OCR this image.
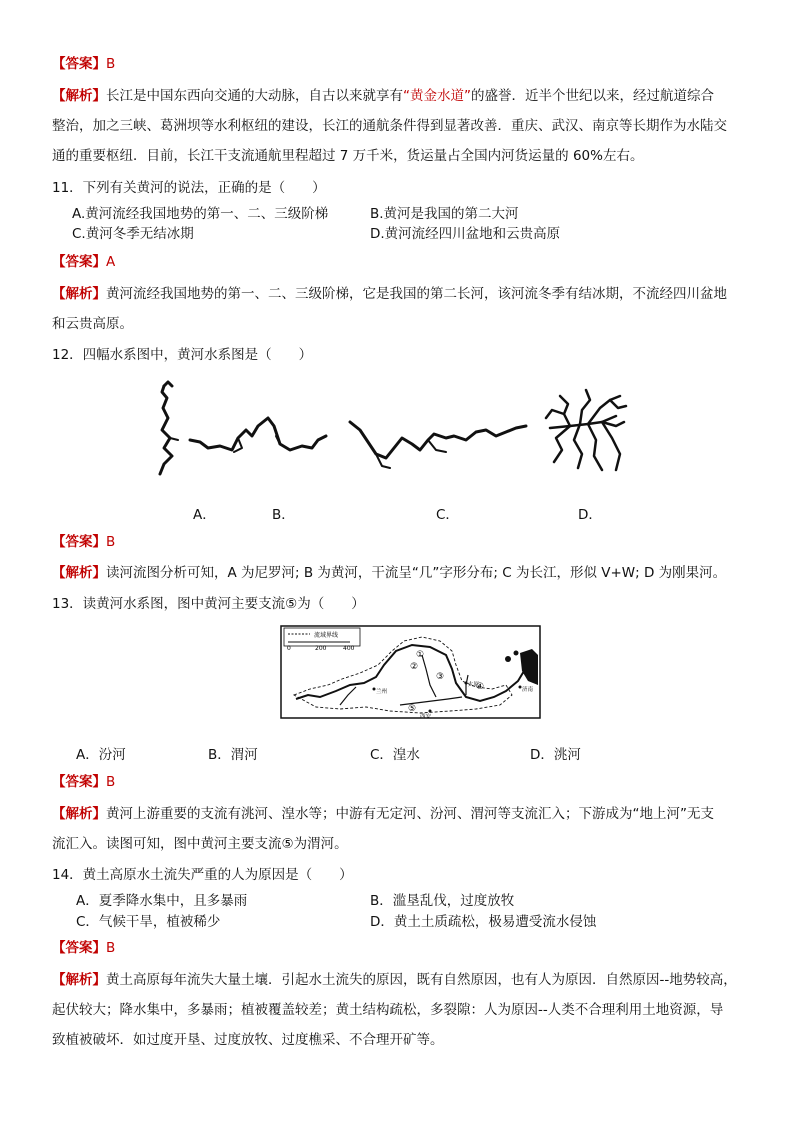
【答案】B
【解析】长江是中国东西向交通的大动脉，自古以来就享有“黄金水道”的盛誉．近半个世纪以来，经过航道综合
整治，加之三峡、葛洲坝等水利枢纽的建设，长江的通航条件得到显著改善．重庆、武汉、南京等长期作为水陆交
通的重要枢纽．目前，长江干支流通航里程超过 7 万千米，货运量占全国内河货运量的 60%左右。
11．下列有关黄河的说法，正确的是（　　）
A.黄河流经我国地势的第一、二、三级阶梯	B.黄河是我国的第二大河
C.黄河冬季无结冰期	D.黄河流经四川盆地和云贵高原
【答案】A
【解析】黄河流经我国地势的第一、二、三级阶梯，它是我国的第二长河，该河流冬季有结冰期，不流经四川盆地
和云贵高原。
12．四幅水系图中，黄河水系图是（　　）
A．	B．	C．	D．
【答案】B
【解析】读河流图分析可知，A 为尼罗河; B 为黄河，干流呈“几”字形分布; C 为长江，形似 V+W; D 为刚果河。
13．读黄河水系图，图中黄河主要支流⑤为（　　）
流域界线
0	200	400
①
②
③
④
⑤
兰州
太原
西安
济南
A．汾河	B．渭河	C．湟水	D．洮河
【答案】B
【解析】黄河上游重要的支流有洮河、湟水等；中游有无定河、汾河、渭河等支流汇入；下游成为“地上河”无支
流汇入。读图可知，图中黄河主要支流⑤为渭河。
14．黄土高原水土流失严重的人为原因是（　　）
A．夏季降水集中，且多暴雨	B．滥垦乱伐，过度放牧
C．气候干旱，植被稀少	D．黄土土质疏松，极易遭受流水侵蚀
【答案】B
【解析】黄土高原每年流失大量土壤．引起水土流失的原因，既有自然原因，也有人为原因．自然原因--地势较高，
起伏较大；降水集中，多暴雨；植被覆盖较差；黄土结构疏松，多裂隙：人为原因--人类不合理利用土地资源，导
致植被破坏．如过度开垦、过度放牧、过度樵采、不合理开矿等。
